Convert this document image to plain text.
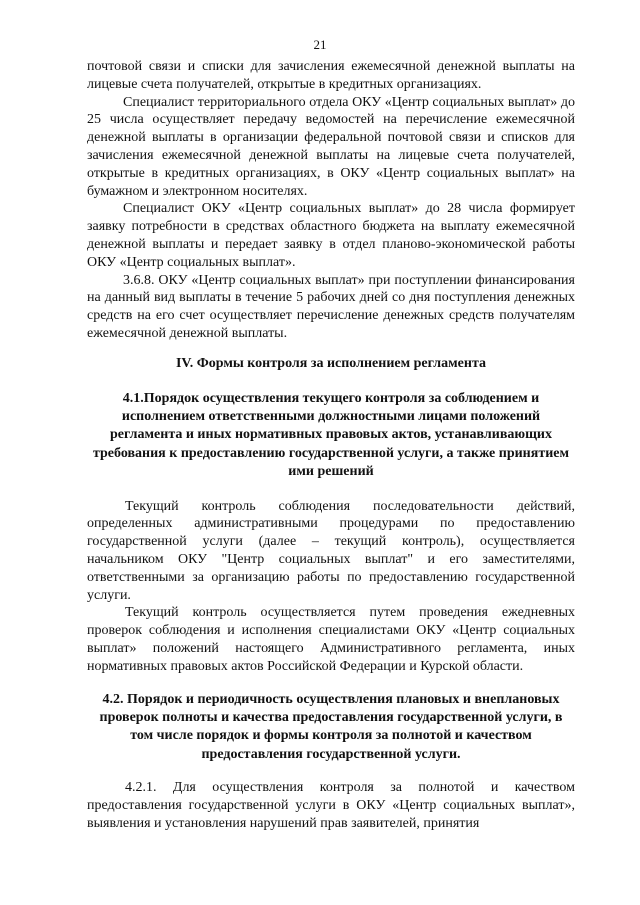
21

почтовой связи и списки для зачисления ежемесячной денежной выплаты на лицевые счета получателей, открытые в кредитных организациях.

Специалист территориального отдела ОКУ «Центр социальных выплат» до 25 числа осуществляет передачу ведомостей на перечисление ежемесячной денежной выплаты в организации федеральной почтовой связи и списков для зачисления ежемесячной денежной выплаты на лицевые счета получателей, открытые в кредитных организациях, в ОКУ «Центр социальных выплат» на бумажном и электронном носителях.

Специалист ОКУ «Центр социальных выплат» до 28 числа формирует заявку потребности в средствах областного бюджета на выплату ежемесячной денежной выплаты и передает заявку в отдел планово-экономической работы ОКУ «Центр социальных выплат».

3.6.8. ОКУ «Центр социальных выплат» при поступлении финансирования на данный вид выплаты в течение 5 рабочих дней со дня поступления денежных средств на его счет осуществляет перечисление денежных средств получателям ежемесячной денежной выплаты.

IV. Формы контроля за исполнением регламента

4.1.Порядок осуществления текущего контроля за соблюдением и исполнением ответственными должностными лицами положений регламента и иных нормативных правовых актов, устанавливающих требования к предоставлению государственной услуги, а также принятием ими решений

Текущий контроль соблюдения последовательности действий, определенных административными процедурами по предоставлению государственной услуги (далее – текущий контроль), осуществляется начальником ОКУ "Центр социальных выплат" и его заместителями, ответственными за организацию работы по предоставлению государственной услуги.

Текущий контроль осуществляется путем проведения ежедневных проверок соблюдения и исполнения специалистами ОКУ «Центр социальных выплат» положений настоящего Административного регламента, иных нормативных правовых актов Российской Федерации и Курской области.

4.2. Порядок и периодичность осуществления плановых и внеплановых проверок полноты и качества предоставления государственной услуги, в том числе порядок и формы контроля за полнотой и качеством предоставления государственной услуги.

4.2.1. Для осуществления контроля за полнотой и качеством предоставления государственной услуги в ОКУ «Центр социальных выплат», выявления и установления нарушений прав заявителей, принятия
